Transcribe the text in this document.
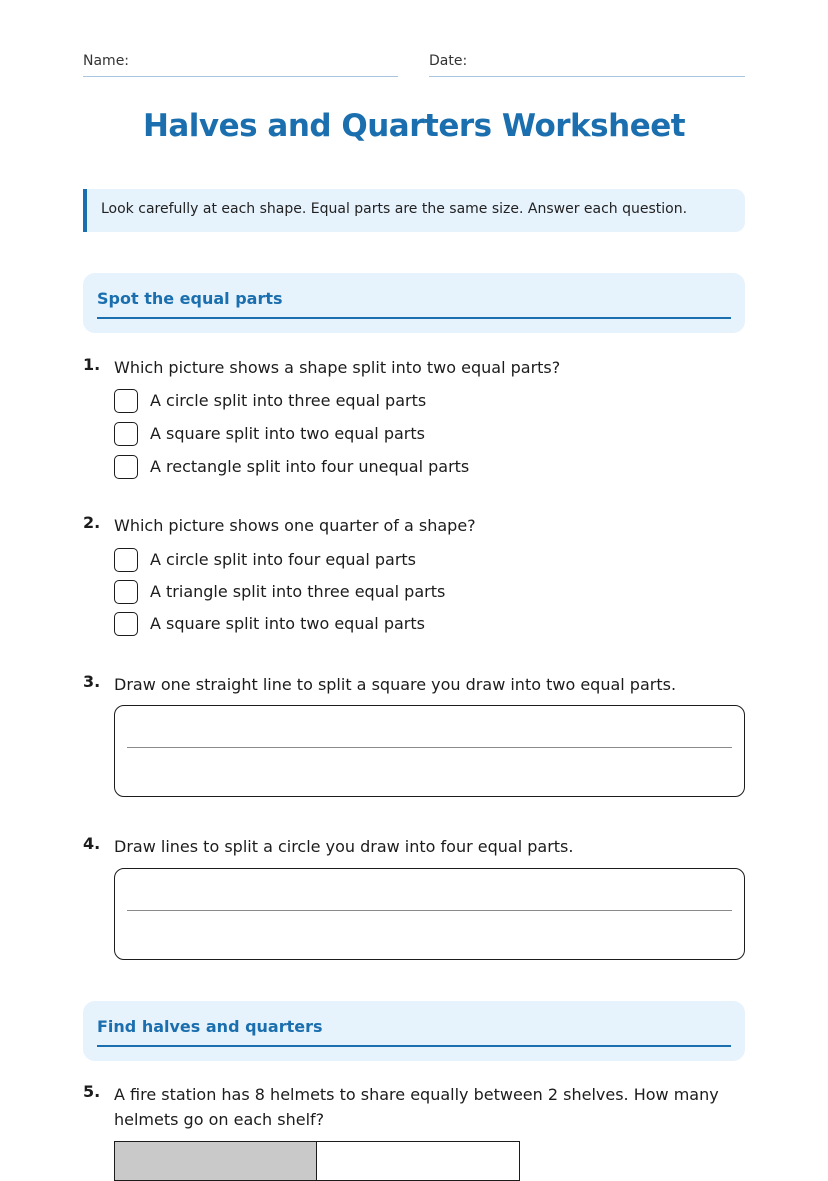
Name:	Date:
Halves and Quarters Worksheet
Look carefully at each shape. Equal parts are the same size. Answer each question.
Spot the equal parts
1. Which picture shows a shape split into two equal parts?
A circle split into three equal parts
A square split into two equal parts
A rectangle split into four unequal parts
2. Which picture shows one quarter of a shape?
A circle split into four equal parts
A triangle split into three equal parts
A square split into two equal parts
3. Draw one straight line to split a square you draw into two equal parts.
4. Draw lines to split a circle you draw into four equal parts.
Find halves and quarters
5. A fire station has 8 helmets to share equally between 2 shelves. How many helmets go on each shelf?
